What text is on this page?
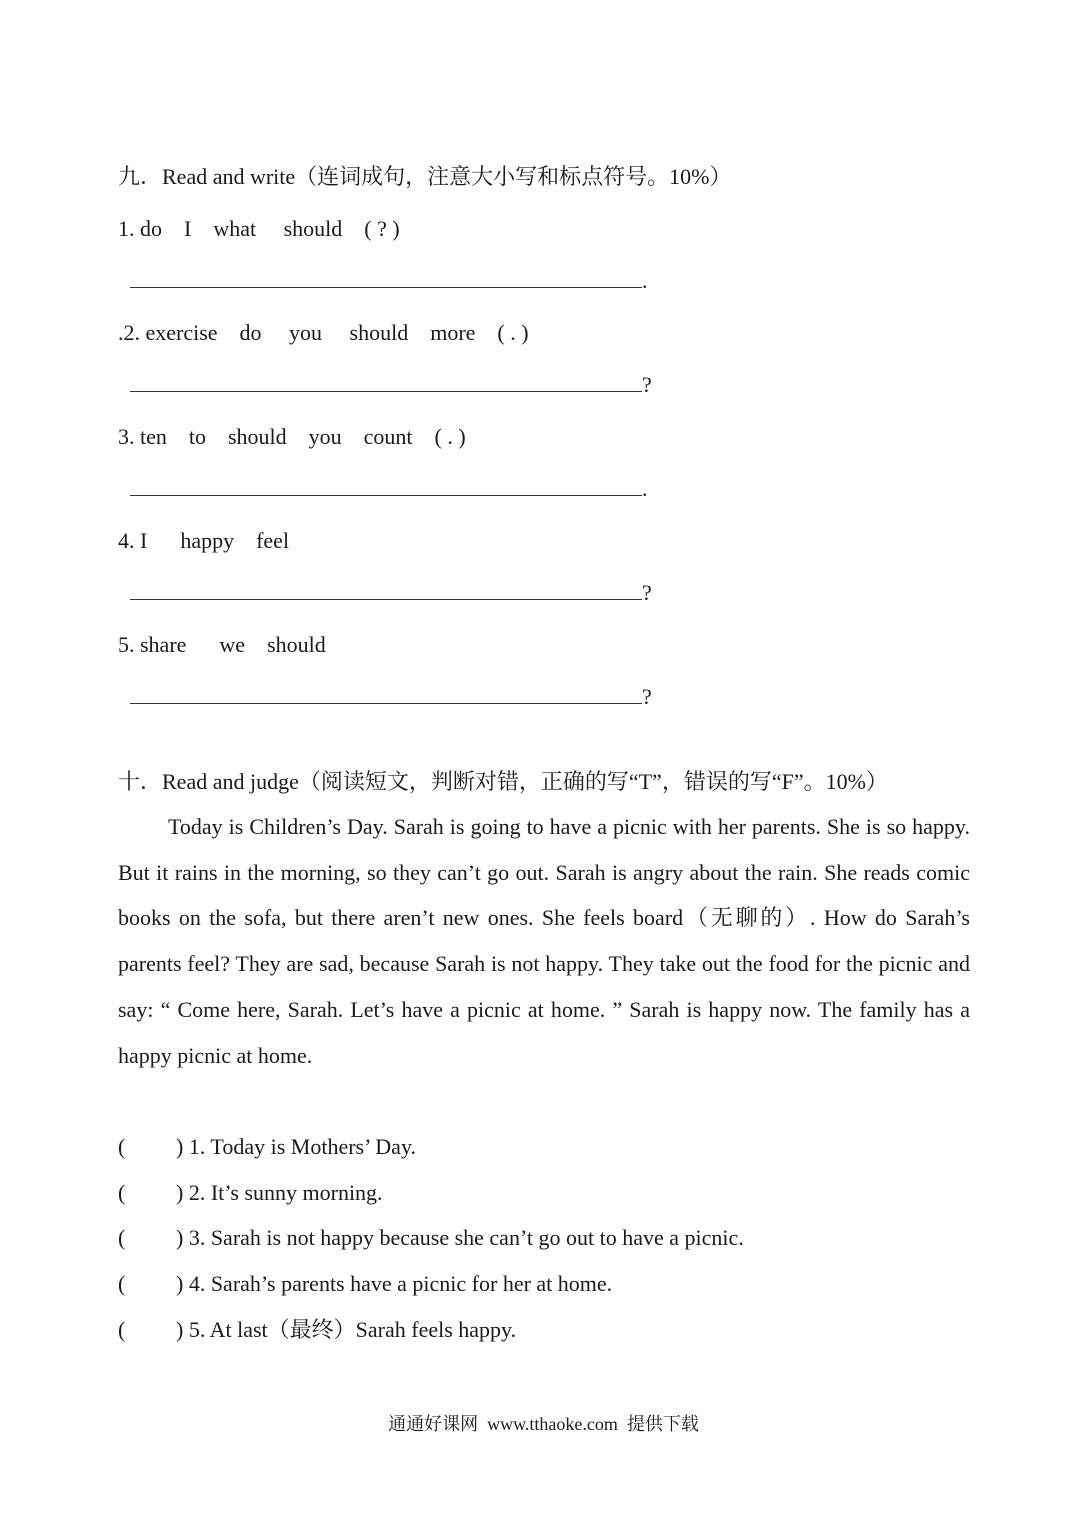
九．Read and write（连词成句，注意大小写和标点符号。10%）
1. do    I    what     should    ( ? )
.
.2. exercise    do     you     should    more    ( . )
?
3. ten    to    should    you    count    ( . )
.
4. I      happy    feel
?
5. share      we    should
?
十．Read and judge（阅读短文，判断对错，正确的写“T”，错误的写“F”。10%）
Today is Children’s Day. Sarah is going to have a picnic with her parents. She is so happy. But it rains in the morning, so they can’t go out. Sarah is angry about the rain. She reads comic books on the sofa, but there aren’t new ones. She feels board（无聊的）. How do Sarah’s parents feel? They are sad, because Sarah is not happy. They take out the food for the picnic and say: “ Come here, Sarah. Let’s have a picnic at home. ” Sarah is happy now. The family has a happy picnic at home.
( ) 1. Today is Mothers’ Day.
( ) 2. It’s sunny morning.
( ) 3. Sarah is not happy because she can’t go out to have a picnic.
( ) 4. Sarah’s parents have a picnic for her at home.
( ) 5. At last（最终）Sarah feels happy.
通通好课网  www.tthaoke.com  提供下载
